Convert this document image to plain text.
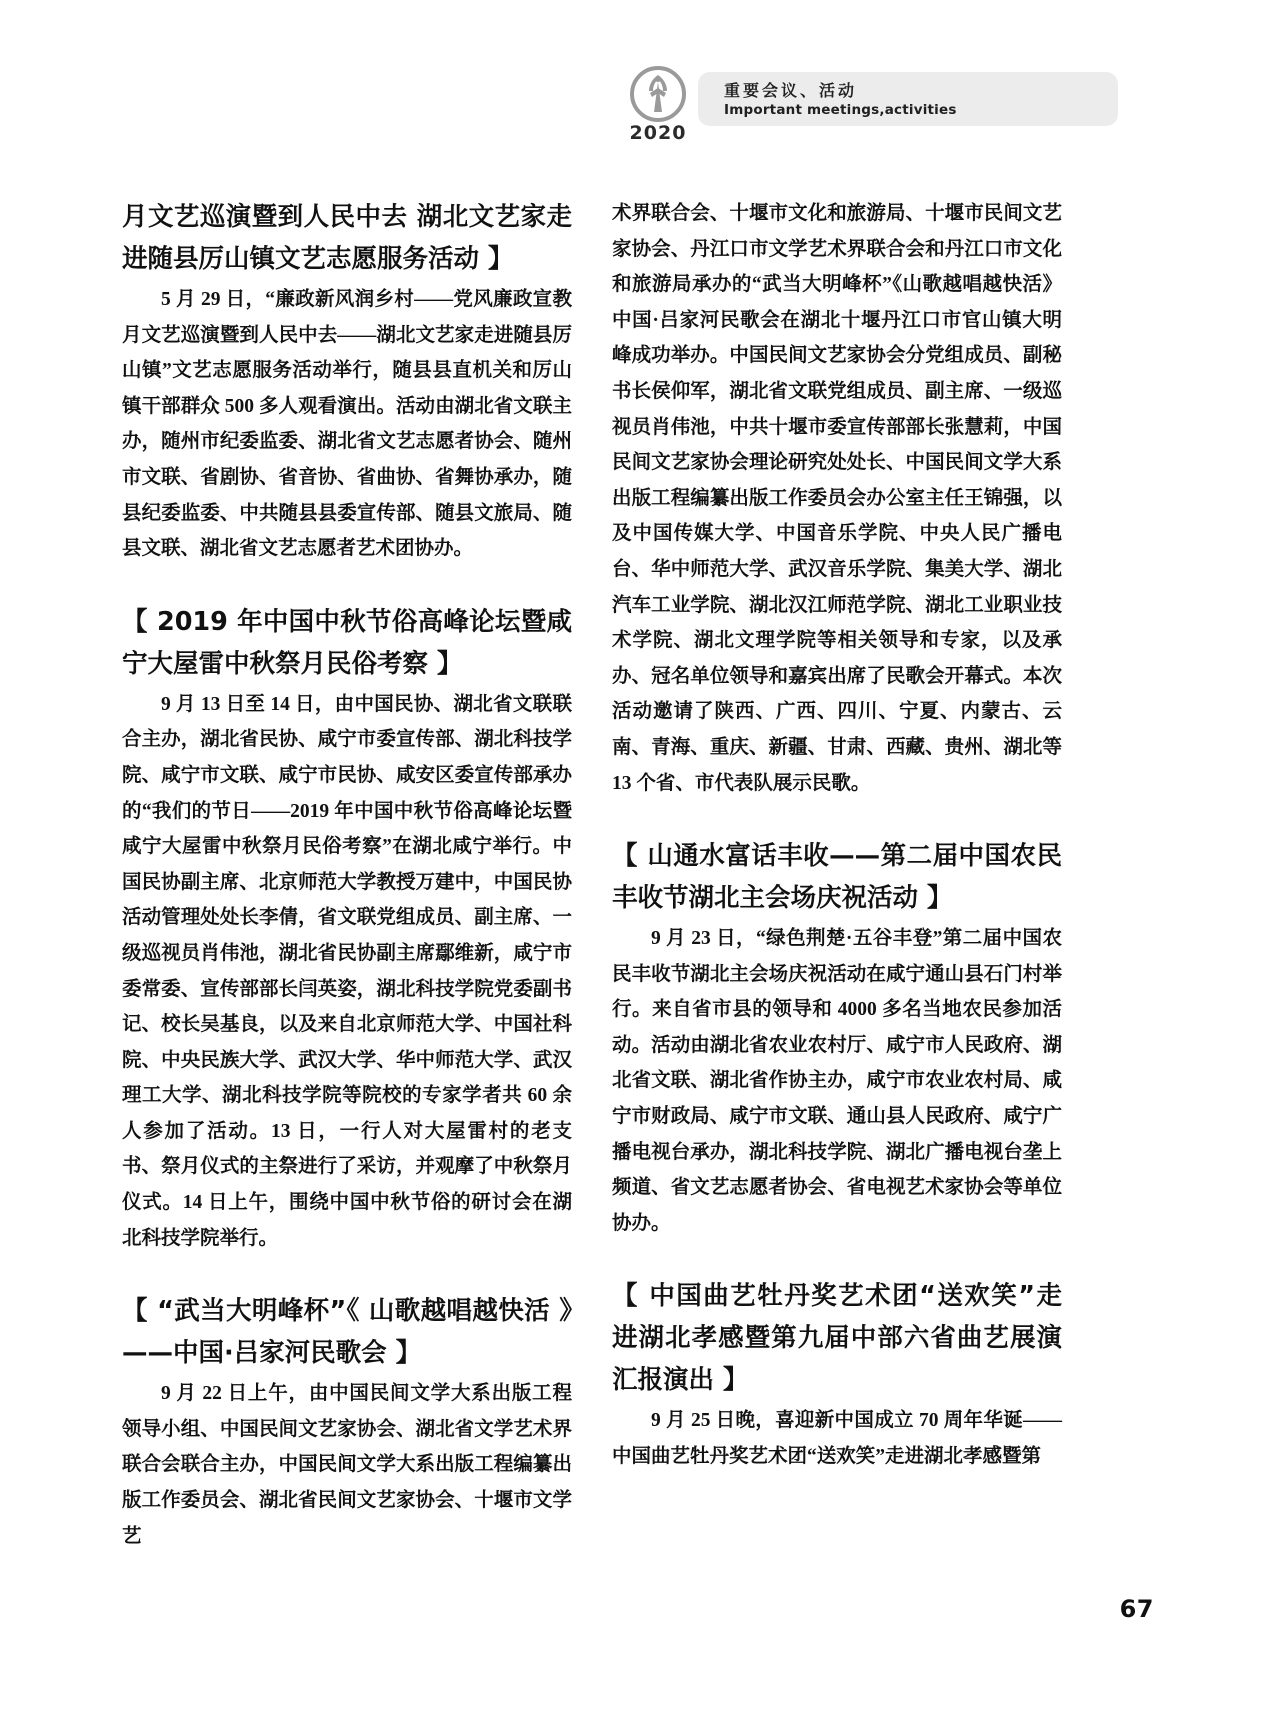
2020
重要会议、活动
Important meetings,activities
月文艺巡演暨到人民中去 湖北文艺家走进随县厉山镇文艺志愿服务活动 】

5 月 29 日，“廉政新风润乡村——党风廉政宣教月文艺巡演暨到人民中去——湖北文艺家走进随县厉山镇”文艺志愿服务活动举行，随县县直机关和厉山镇干部群众 500 多人观看演出。活动由湖北省文联主办，随州市纪委监委、湖北省文艺志愿者协会、随州市文联、省剧协、省音协、省曲协、省舞协承办，随县纪委监委、中共随县县委宣传部、随县文旅局、随县文联、湖北省文艺志愿者艺术团协办。

【 2019 年中国中秋节俗高峰论坛暨咸宁大屋雷中秋祭月民俗考察 】

9 月 13 日至 14 日，由中国民协、湖北省文联联合主办，湖北省民协、咸宁市委宣传部、湖北科技学院、咸宁市文联、咸宁市民协、咸安区委宣传部承办的“我们的节日——2019 年中国中秋节俗高峰论坛暨咸宁大屋雷中秋祭月民俗考察”在湖北咸宁举行。中国民协副主席、北京师范大学教授万建中，中国民协活动管理处处长李倩，省文联党组成员、副主席、一级巡视员肖伟池，湖北省民协副主席鄢维新，咸宁市委常委、宣传部部长闫英姿，湖北科技学院党委副书记、校长吴基良，以及来自北京师范大学、中国社科院、中央民族大学、武汉大学、华中师范大学、武汉理工大学、湖北科技学院等院校的专家学者共 60 余人参加了活动。13 日，一行人对大屋雷村的老支书、祭月仪式的主祭进行了采访，并观摩了中秋祭月仪式。14 日上午，围绕中国中秋节俗的研讨会在湖北科技学院举行。

【 “武当大明峰杯”《 山歌越唱越快活 》——中国·吕家河民歌会 】

9 月 22 日上午，由中国民间文学大系出版工程领导小组、中国民间文艺家协会、湖北省文学艺术界联合会联合主办，中国民间文学大系出版工程编纂出版工作委员会、湖北省民间文艺家协会、十堰市文学艺

术界联合会、十堰市文化和旅游局、十堰市民间文艺家协会、丹江口市文学艺术界联合会和丹江口市文化和旅游局承办的“武当大明峰杯”《山歌越唱越快活》中国·吕家河民歌会在湖北十堰丹江口市官山镇大明峰成功举办。中国民间文艺家协会分党组成员、副秘书长侯仰军，湖北省文联党组成员、副主席、一级巡视员肖伟池，中共十堰市委宣传部部长张慧莉，中国民间文艺家协会理论研究处处长、中国民间文学大系出版工程编纂出版工作委员会办公室主任王锦强，以及中国传媒大学、中国音乐学院、中央人民广播电台、华中师范大学、武汉音乐学院、集美大学、湖北汽车工业学院、湖北汉江师范学院、湖北工业职业技术学院、湖北文理学院等相关领导和专家，以及承办、冠名单位领导和嘉宾出席了民歌会开幕式。本次活动邀请了陕西、广西、四川、宁夏、内蒙古、云南、青海、重庆、新疆、甘肃、西藏、贵州、湖北等 13 个省、市代表队展示民歌。

【 山通水富话丰收——第二届中国农民丰收节湖北主会场庆祝活动 】

9 月 23 日，“绿色荆楚·五谷丰登”第二届中国农民丰收节湖北主会场庆祝活动在咸宁通山县石门村举行。来自省市县的领导和 4000 多名当地农民参加活动。活动由湖北省农业农村厅、咸宁市人民政府、湖北省文联、湖北省作协主办，咸宁市农业农村局、咸宁市财政局、咸宁市文联、通山县人民政府、咸宁广播电视台承办，湖北科技学院、湖北广播电视台垄上频道、省文艺志愿者协会、省电视艺术家协会等单位协办。

【 中国曲艺牡丹奖艺术团“送欢笑”走进湖北孝感暨第九届中部六省曲艺展演汇报演出 】

9 月 25 日晚，喜迎新中国成立 70 周年华诞——中国曲艺牡丹奖艺术团“送欢笑”走进湖北孝感暨第

67
